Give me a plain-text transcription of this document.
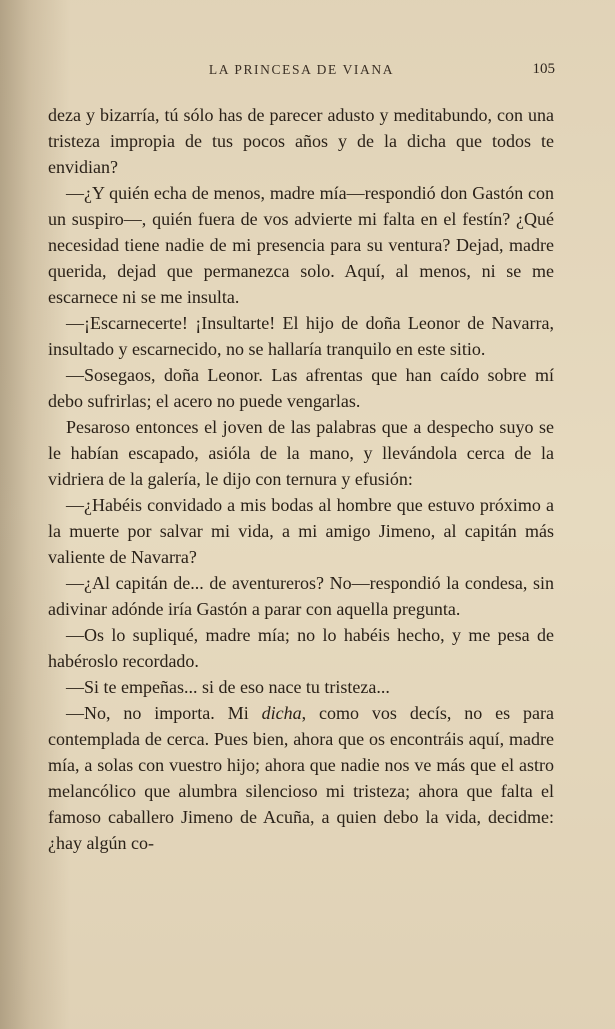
LA PRINCESA DE VIANA	105

deza y bizarría, tú sólo has de parecer adusto y meditabundo, con una tristeza impropia de tus pocos años y de la dicha que todos te envidian?

—¿Y quién echa de menos, madre mía—respondió don Gastón con un suspiro—, quién fuera de vos advierte mi falta en el festín? ¿Qué necesidad tiene nadie de mi presencia para su ventura? Dejad, madre querida, dejad que permanezca solo. Aquí, al menos, ni se me escarnece ni se me insulta.

—¡Escarnecerte! ¡Insultarte! El hijo de doña Leonor de Navarra, insultado y escarnecido, no se hallaría tranquilo en este sitio.

—Sosegaos, doña Leonor. Las afrentas que han caído sobre mí debo sufrirlas; el acero no puede vengarlas.

Pesaroso entonces el joven de las palabras que a despecho suyo se le habían escapado, asióla de la mano, y llevándola cerca de la vidriera de la galería, le dijo con ternura y efusión:

—¿Habéis convidado a mis bodas al hombre que estuvo próximo a la muerte por salvar mi vida, a mi amigo Jimeno, al capitán más valiente de Navarra?

—¿Al capitán de... de aventureros? No—respondió la condesa, sin adivinar adónde iría Gastón a parar con aquella pregunta.

—Os lo supliqué, madre mía; no lo habéis hecho, y me pesa de habéroslo recordado.

—Si te empeñas... si de eso nace tu tristeza...

—No, no importa. Mi dicha, como vos decís, no es para contemplada de cerca. Pues bien, ahora que os encontráis aquí, madre mía, a solas con vuestro hijo; ahora que nadie nos ve más que el astro melancólico que alumbra silencioso mi tristeza; ahora que falta el famoso caballero Jimeno de Acuña, a quien debo la vida, decidme: ¿hay algún co-
